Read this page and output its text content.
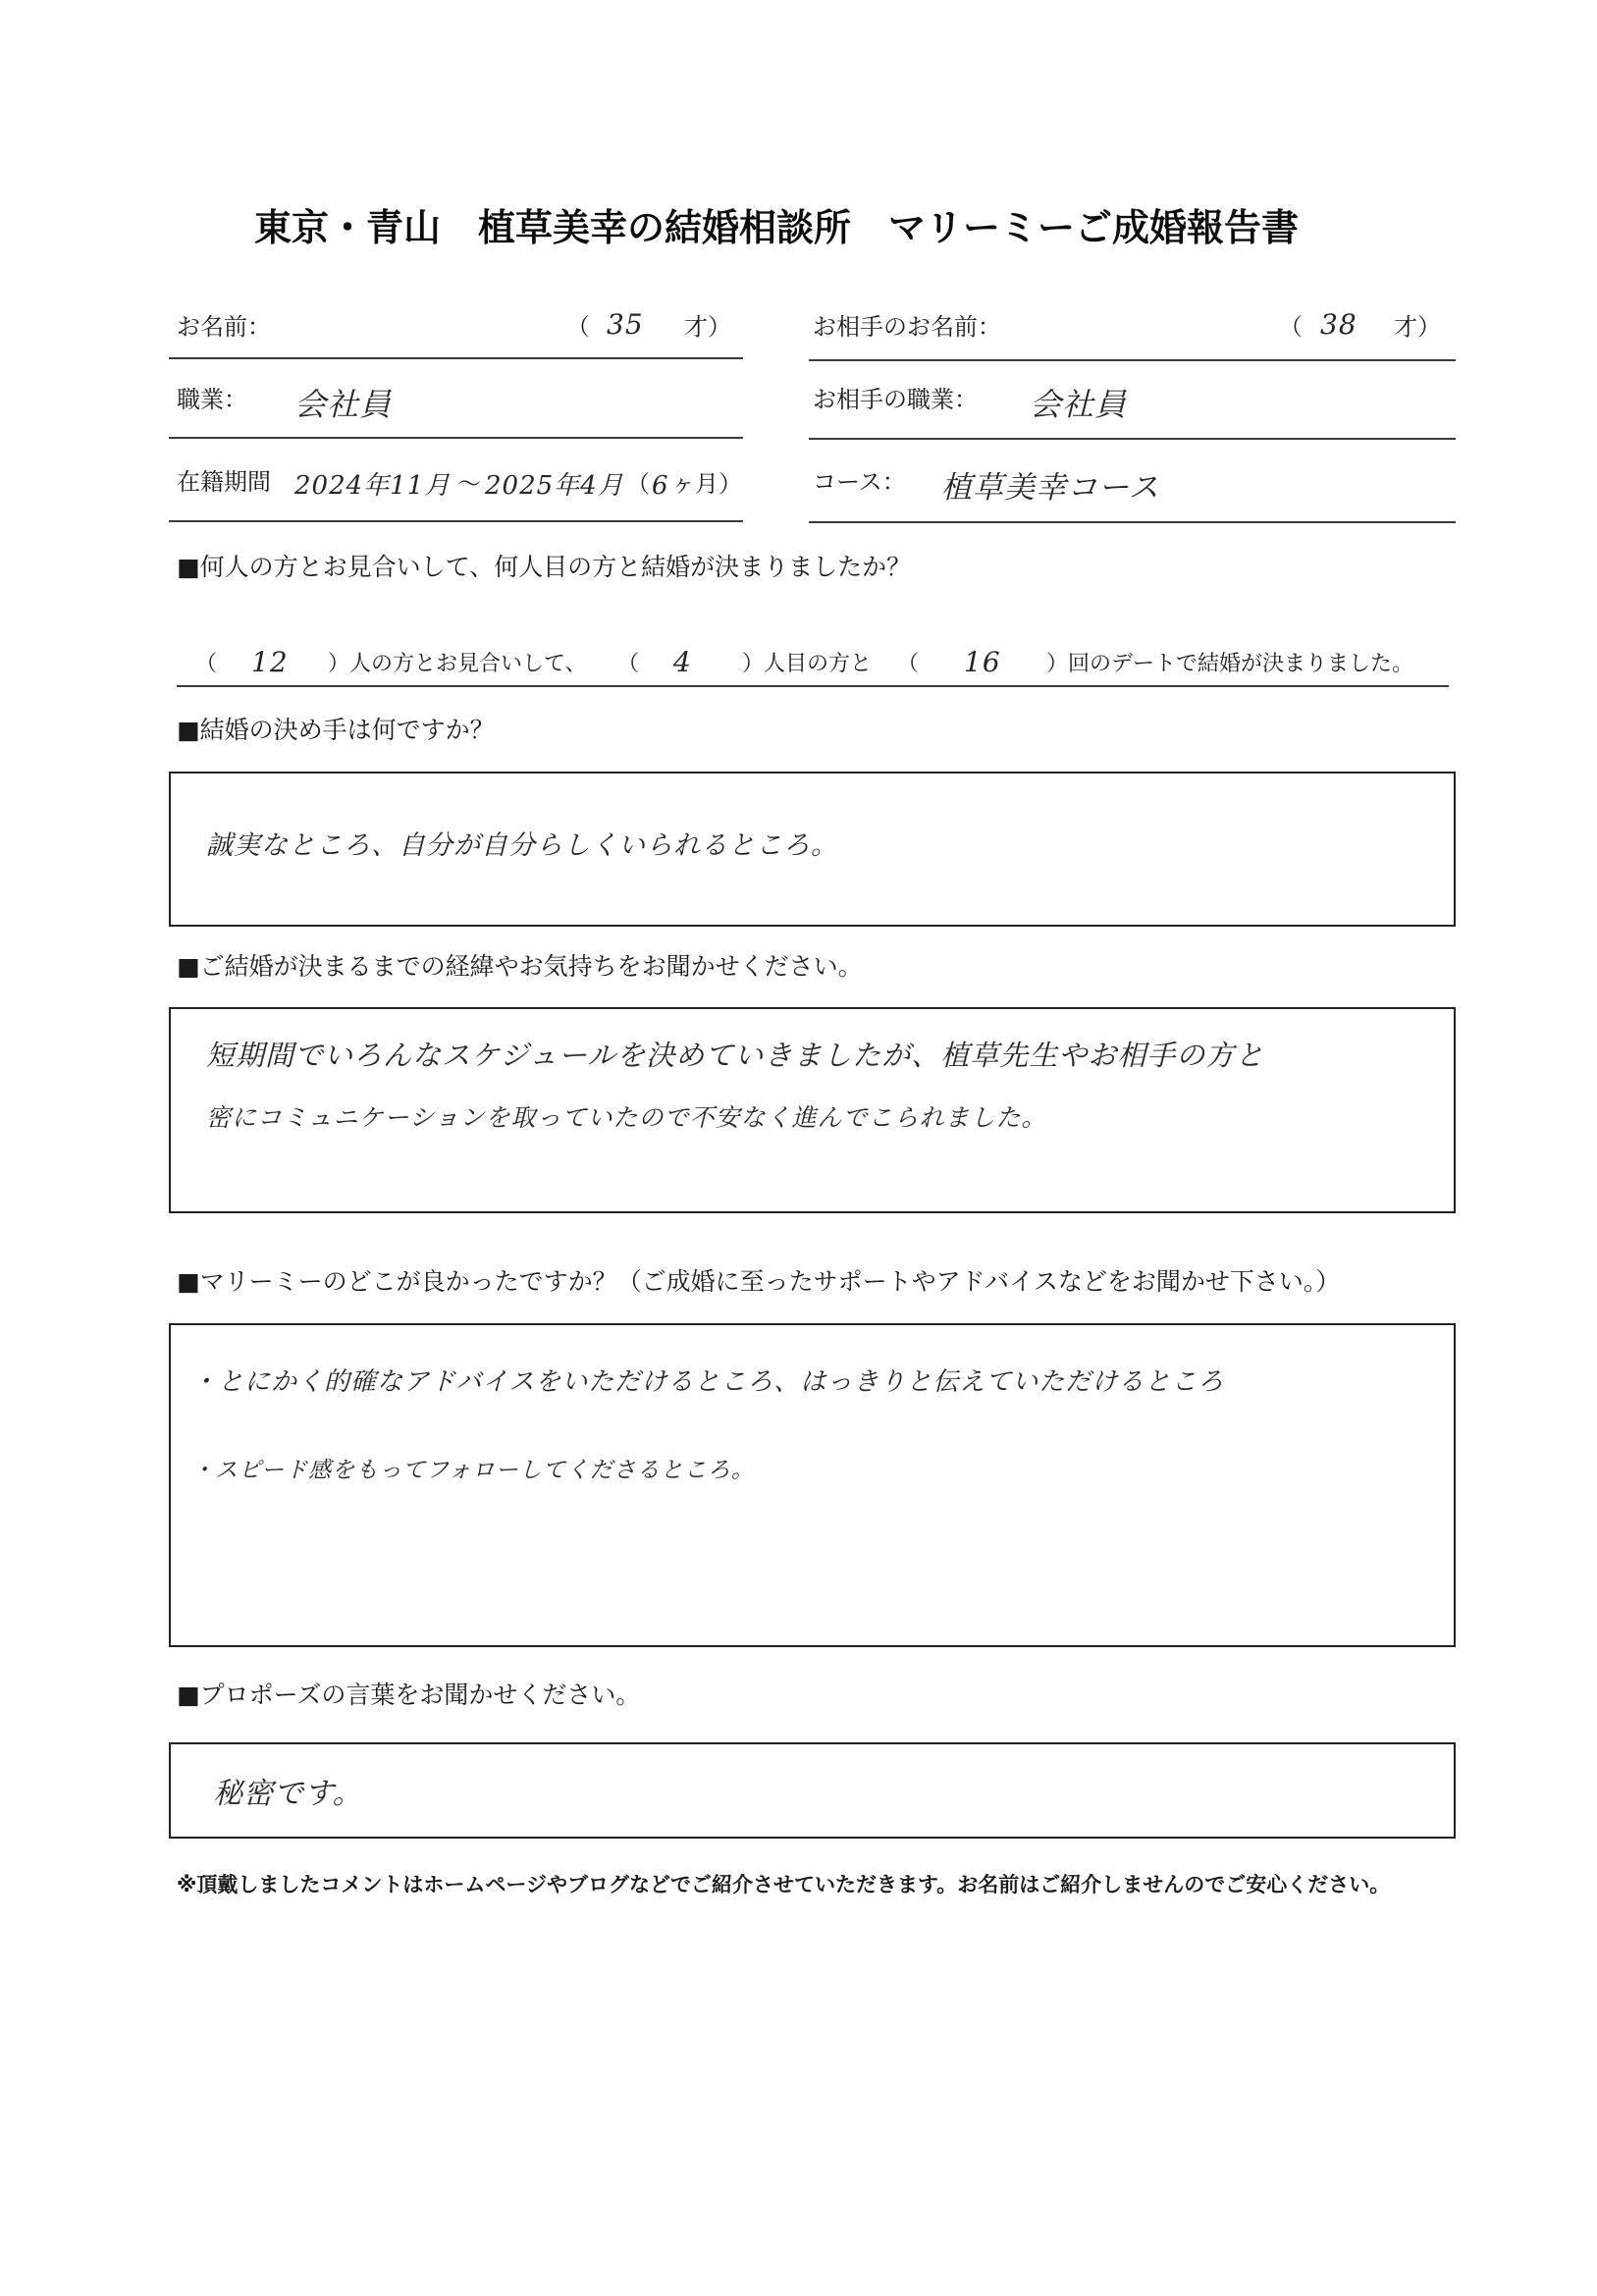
東京・青山　植草美幸の結婚相談所　マリーミーご成婚報告書
お名前：	（ 35 才）	お相手のお名前：	（ 38 才）
職業： 会社員	お相手の職業： 会社員
在籍期間 2024年11月 ～ 2025年4月 （ 6 ヶ月）	コース： 植草美幸コース
■何人の方とお見合いして、何人目の方と結婚が決まりましたか？
（ 12 ）人の方とお見合いして、 （ 4 ）人目の方と （ 16 ）回のデートで結婚が決まりました。
■結婚の決め手は何ですか？
誠実なところ、自分が自分らしくいられるところ。
■ご結婚が決まるまでの経緯やお気持ちをお聞かせください。
短期間でいろんなスケジュールを決めていきましたが、植草先生やお相手の方と
密にコミュニケーションを取っていたので不安なく進んでこられました。
■マリーミーのどこが良かったですか？（ご成婚に至ったサポートやアドバイスなどをお聞かせ下さい。）
・とにかく的確なアドバイスをいただけるところ、はっきりと伝えていただけるところ
・スピード感をもってフォローしてくださるところ。
■プロポーズの言葉をお聞かせください。
秘密です。
※頂戴しましたコメントはホームページやブログなどでご紹介させていただきます。お名前はご紹介しませんのでご安心ください。
